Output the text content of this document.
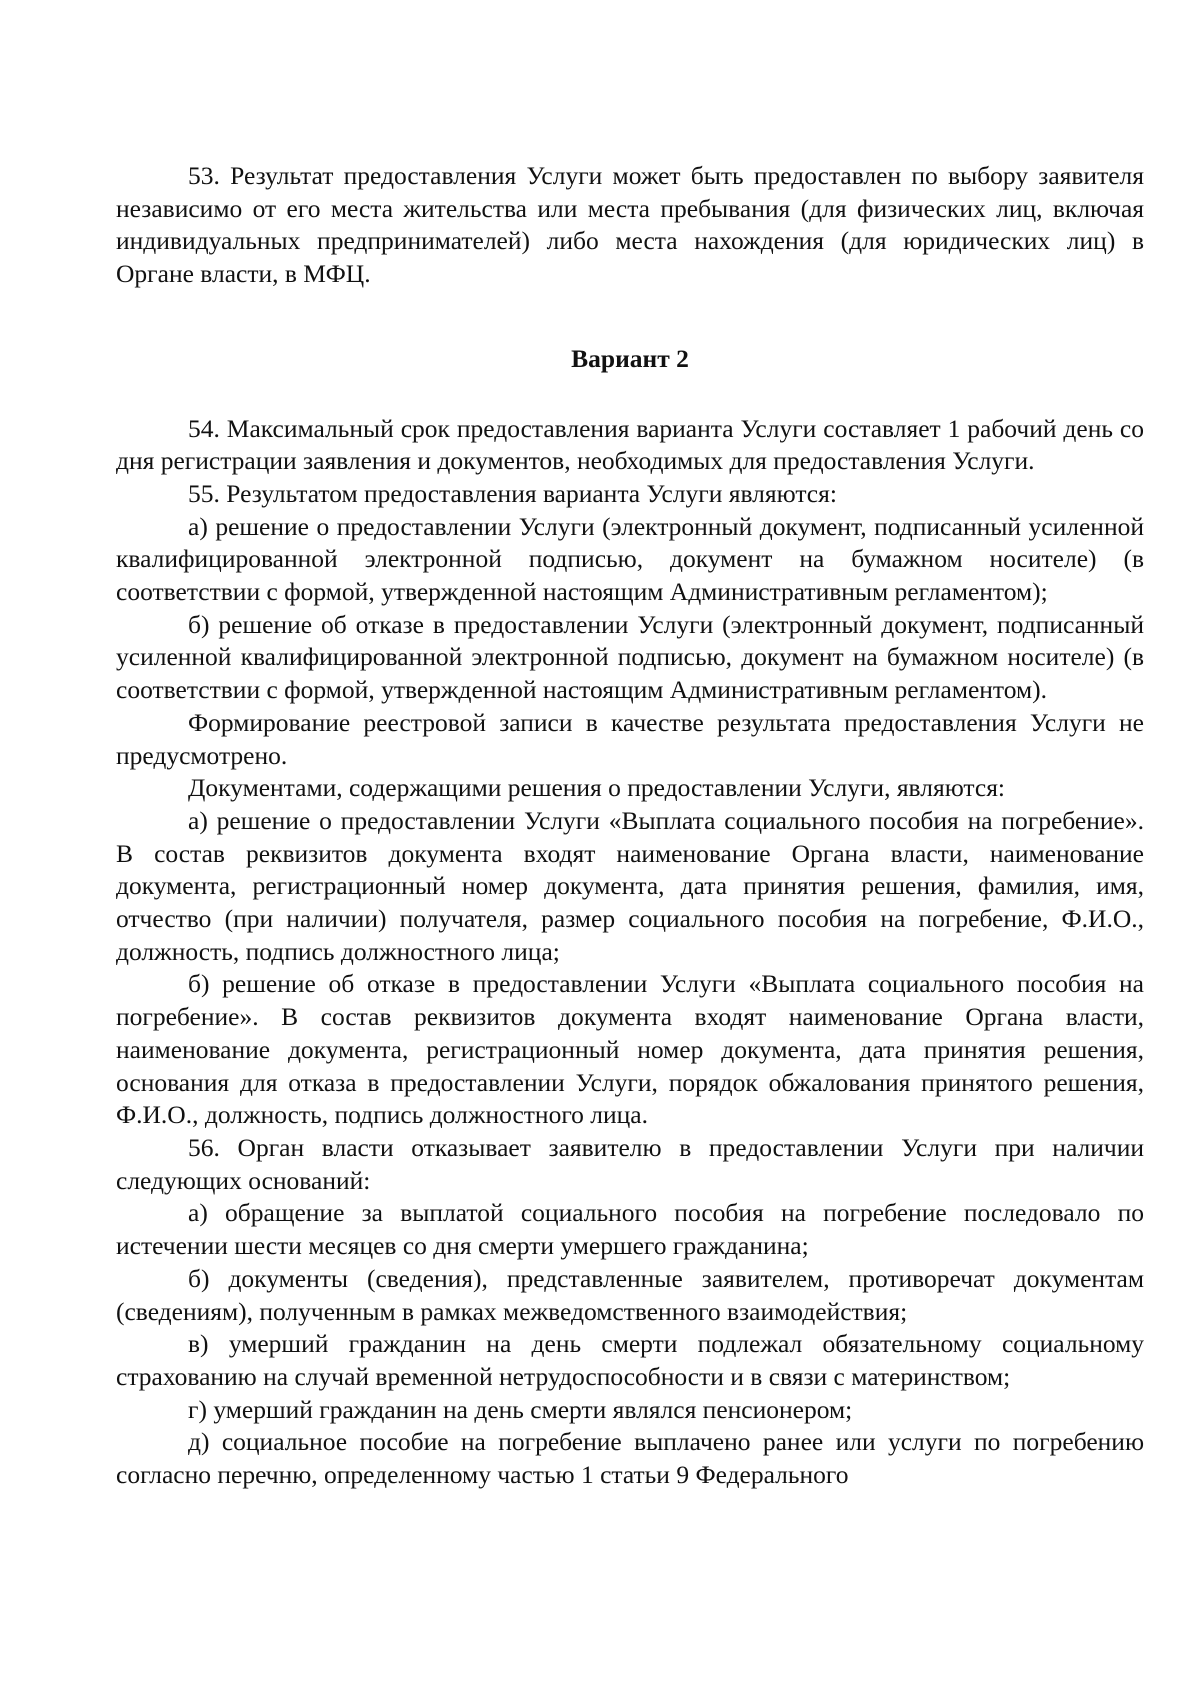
53. Результат предоставления Услуги может быть предоставлен по выбору заявителя независимо от его места жительства или места пребывания (для физических лиц, включая индивидуальных предпринимателей) либо места нахождения (для юридических лиц) в Органе власти, в МФЦ.

Вариант 2

54. Максимальный срок предоставления варианта Услуги составляет 1 рабочий день со дня регистрации заявления и документов, необходимых для предоставления Услуги.

55. Результатом предоставления варианта Услуги являются:

а) решение о предоставлении Услуги (электронный документ, подписанный усиленной квалифицированной электронной подписью, документ на бумажном носителе) (в соответствии с формой, утвержденной настоящим Административным регламентом);

б) решение об отказе в предоставлении Услуги (электронный документ, подписанный усиленной квалифицированной электронной подписью, документ на бумажном носителе) (в соответствии с формой, утвержденной настоящим Административным регламентом).

Формирование реестровой записи в качестве результата предоставления Услуги не предусмотрено.

Документами, содержащими решения о предоставлении Услуги, являются:

а) решение о предоставлении Услуги «Выплата социального пособия на погребение». В состав реквизитов документа входят наименование Органа власти, наименование документа, регистрационный номер документа, дата принятия решения, фамилия, имя, отчество (при наличии) получателя, размер социального пособия на погребение, Ф.И.О., должность, подпись должностного лица;

б) решение об отказе в предоставлении Услуги «Выплата социального пособия на погребение». В состав реквизитов документа входят наименование Органа власти, наименование документа, регистрационный номер документа, дата принятия решения, основания для отказа в предоставлении Услуги, порядок обжалования принятого решения, Ф.И.О., должность, подпись должностного лица.

56. Орган власти отказывает заявителю в предоставлении Услуги при наличии следующих оснований:

а) обращение за выплатой социального пособия на погребение последовало по истечении шести месяцев со дня смерти умершего гражданина;

б) документы (сведения), представленные заявителем, противоречат документам (сведениям), полученным в рамках межведомственного взаимодействия;

в) умерший гражданин на день смерти подлежал обязательному социальному страхованию на случай временной нетрудоспособности и в связи с материнством;

г) умерший гражданин на день смерти являлся пенсионером;

д) социальное пособие на погребение выплачено ранее или услуги по погребению согласно перечню, определенному частью 1 статьи 9 Федерального
